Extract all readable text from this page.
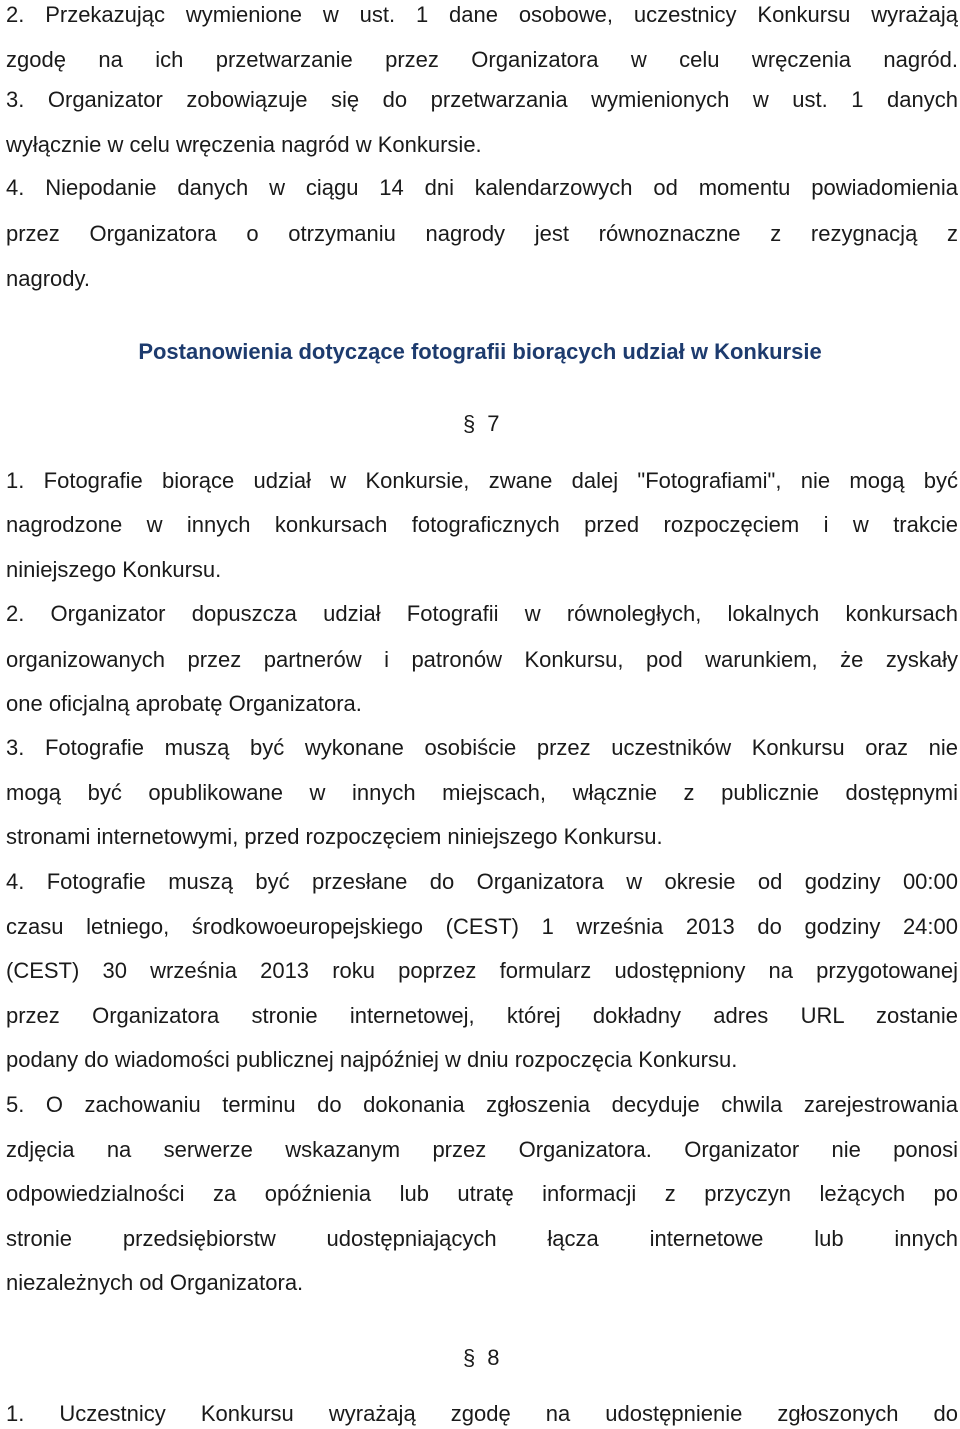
2. Przekazując wymienione w ust. 1 dane osobowe, uczestnicy Konkursu wyrażają

zgodę na ich przetwarzanie przez Organizatora w celu wręczenia nagród.

3. Organizator zobowiązuje się do przetwarzania wymienionych w ust. 1 danych

wyłącznie w celu wręczenia nagród w Konkursie.

4. Niepodanie danych w ciągu 14 dni kalendarzowych od momentu powiadomienia

przez Organizatora o otrzymaniu nagrody jest równoznaczne z rezygnacją z

nagrody.

Postanowienia dotyczące fotografii biorących udział w Konkursie
§ 7

1. Fotografie biorące udział w Konkursie, zwane dalej "Fotografiami", nie mogą być

nagrodzone w innych konkursach fotograficznych przed rozpoczęciem i w trakcie

niniejszego Konkursu.

2. Organizator dopuszcza udział Fotografii w równoległych, lokalnych konkursach

organizowanych przez partnerów i patronów Konkursu, pod warunkiem, że zyskały

one oficjalną aprobatę Organizatora.

3. Fotografie muszą być wykonane osobiście przez uczestników Konkursu oraz nie

mogą być opublikowane w innych miejscach, włącznie z publicznie dostępnymi

stronami internetowymi, przed rozpoczęciem niniejszego Konkursu.

4. Fotografie muszą być przesłane do Organizatora w okresie od godziny 00:00

czasu letniego, środkowoeuropejskiego (CEST) 1 września 2013 do godziny 24:00

(CEST) 30 września 2013 roku poprzez formularz udostępniony na przygotowanej

przez Organizatora stronie internetowej, której dokładny adres URL zostanie

podany do wiadomości publicznej najpóźniej w dniu rozpoczęcia Konkursu.

5. O zachowaniu terminu do dokonania zgłoszenia decyduje chwila zarejestrowania

zdjęcia na serwerze wskazanym przez Organizatora. Organizator nie ponosi

odpowiedzialności za opóźnienia lub utratę informacji z przyczyn leżących po

stronie przedsiębiorstw udostępniających łącza internetowe lub innych

niezależnych od Organizatora.

§ 8

1. Uczestnicy Konkursu wyrażają zgodę na udostępnienie zgłoszonych do
